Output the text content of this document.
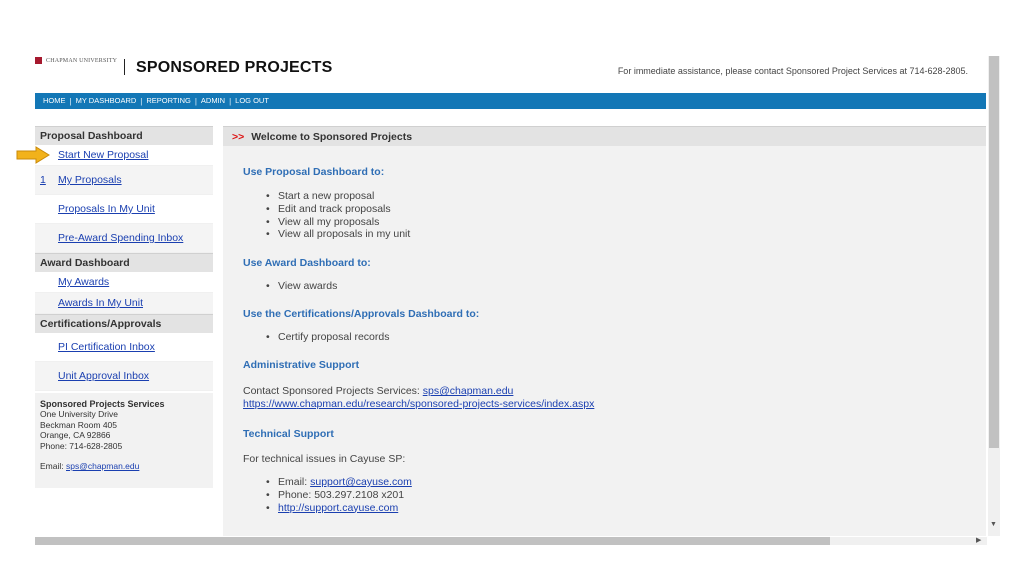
CHAPMAN UNIVERSITY SPONSORED PROJECTS	For immediate assistance, please contact Sponsored Project Services at 714-628-2805.
HOME | MY DASHBOARD | REPORTING | ADMIN | LOG OUT
Proposal Dashboard
Start New Proposal
1	My Proposals
Proposals In My Unit
Pre-Award Spending Inbox
Award Dashboard
My Awards
Awards In My Unit
Certifications/Approvals
PI Certification Inbox
Unit Approval Inbox
Sponsored Projects Services
One University Drive
Beckman Room 405
Orange, CA 92866
Phone: 714-628-2805
Email: sps@chapman.edu
>> Welcome to Sponsored Projects
Use Proposal Dashboard to:
• Start a new proposal
• Edit and track proposals
• View all my proposals
• View all proposals in my unit
Use Award Dashboard to:
• View awards
Use the Certifications/Approvals Dashboard to:
• Certify proposal records
Administrative Support
Contact Sponsored Projects Services: sps@chapman.edu
https://www.chapman.edu/research/sponsored-projects-services/index.aspx
Technical Support
For technical issues in Cayuse SP:
• Email: support@cayuse.com
• Phone: 503.297.2108 x201
• http://support.cayuse.com
▼
▶
